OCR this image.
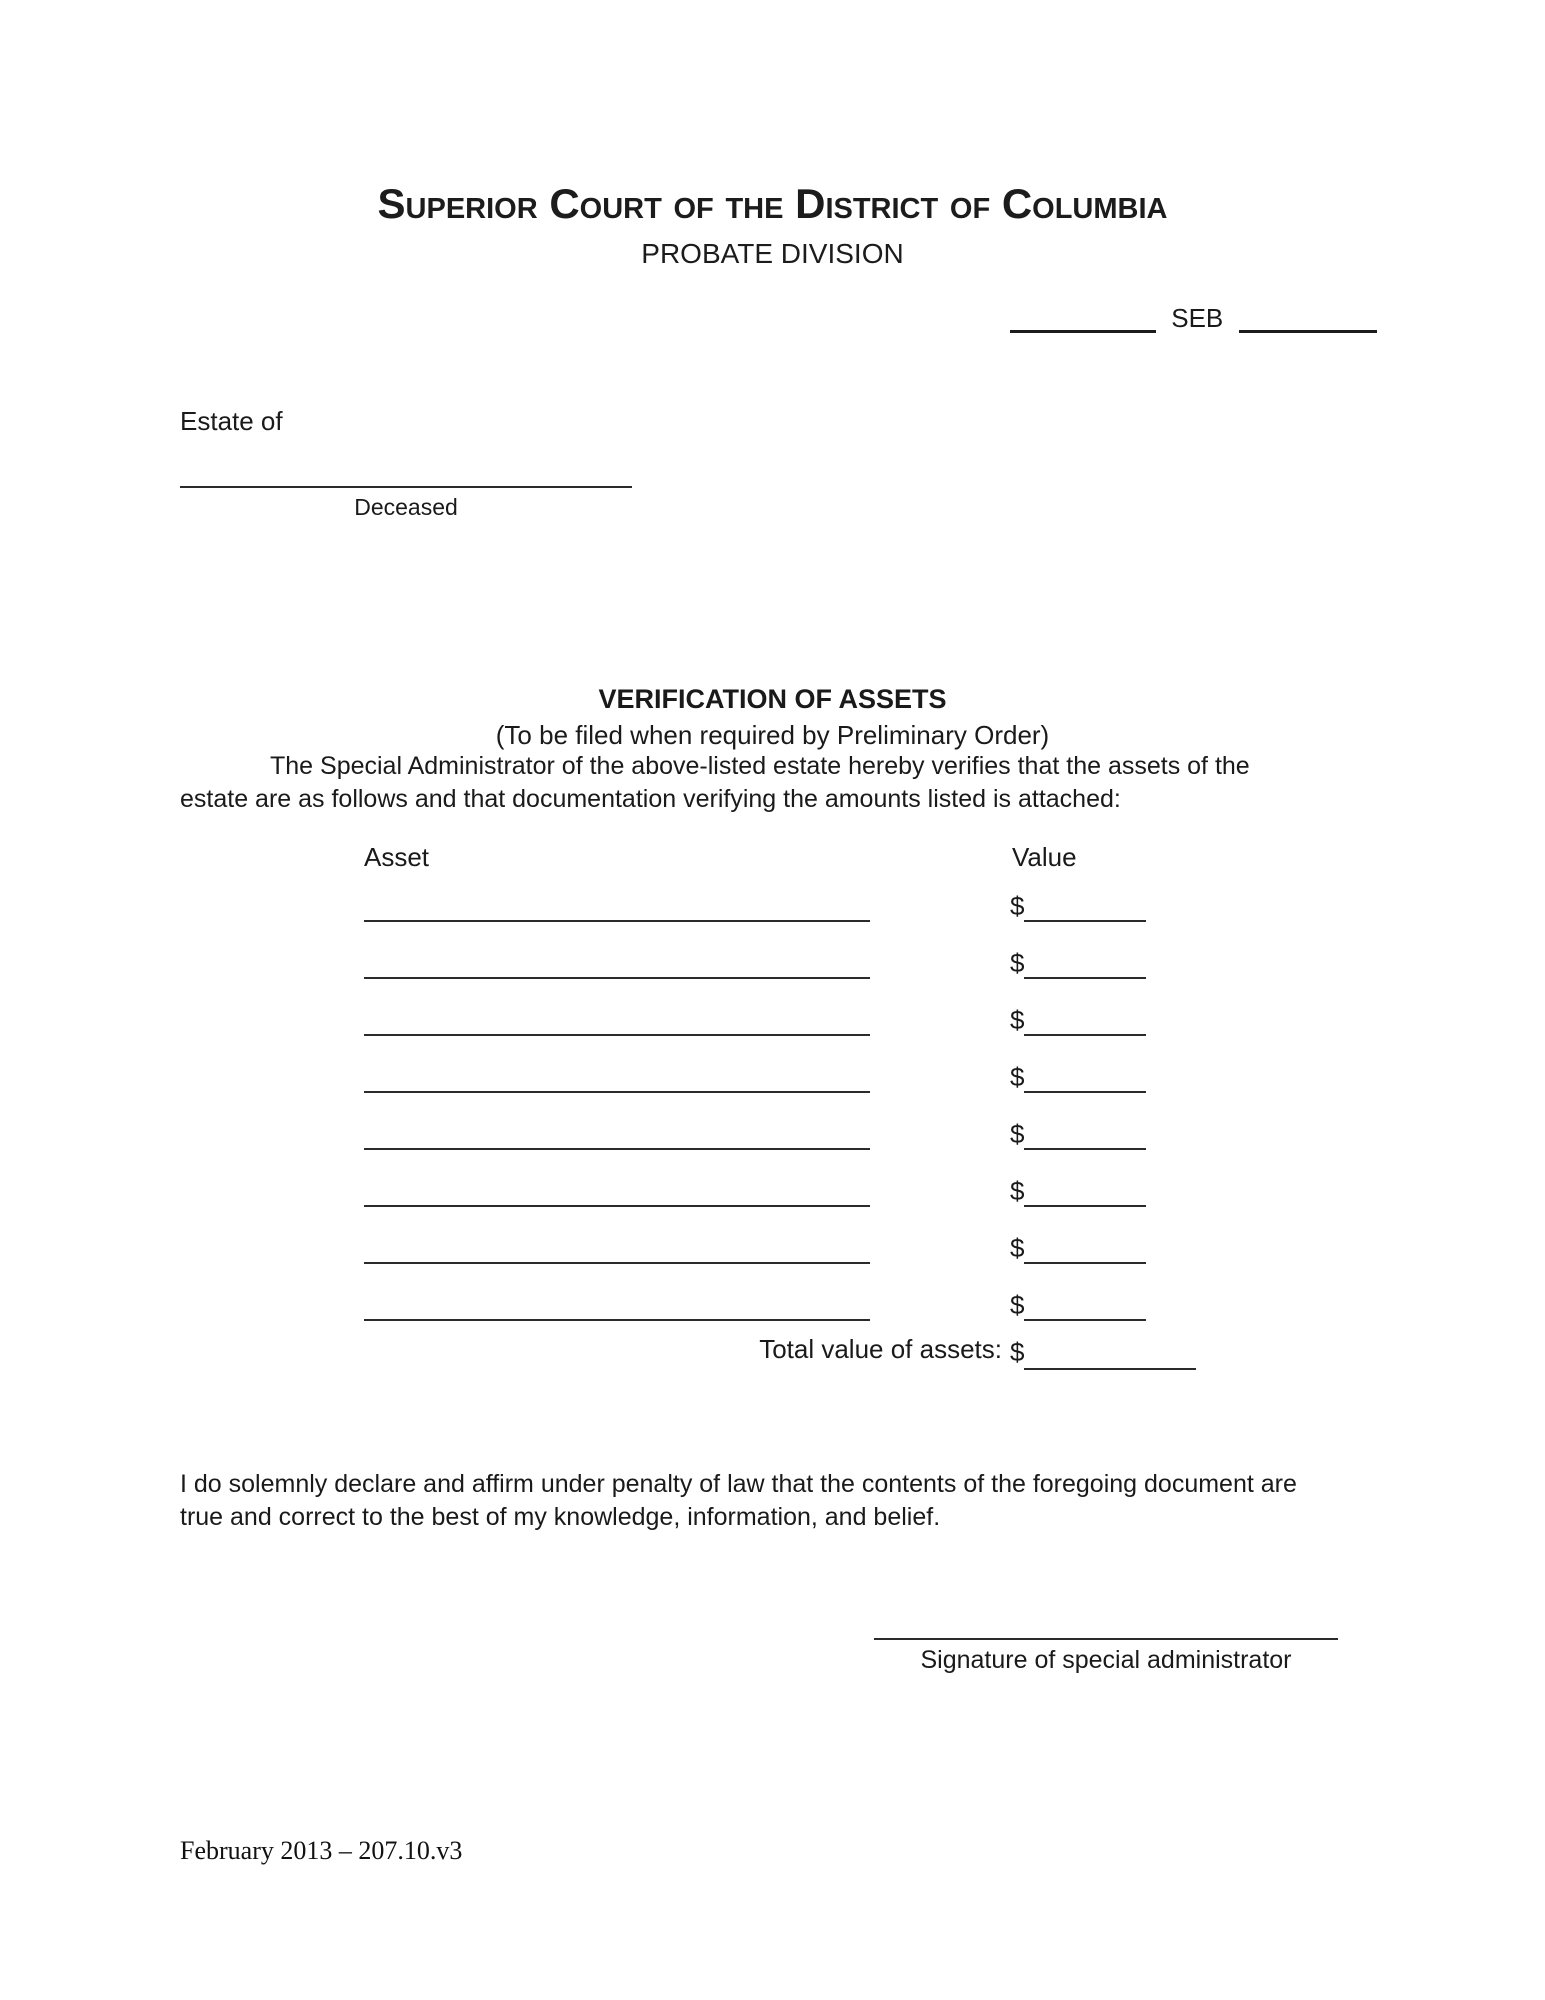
Superior Court of the District of Columbia
PROBATE DIVISION
SEB
Estate of
Deceased
VERIFICATION OF ASSETS
(To be filed when required by Preliminary Order)
The Special Administrator of the above-listed estate hereby verifies that the assets of the
estate are as follows and that documentation verifying the amounts listed is attached:
Asset	Value
$
$
$
$
$
$
$
$
Total value of assets: $
I do solemnly declare and affirm under penalty of law that the contents of the foregoing document are
true and correct to the best of my knowledge, information, and belief.
Signature of special administrator
February 2013 – 207.10.v3
